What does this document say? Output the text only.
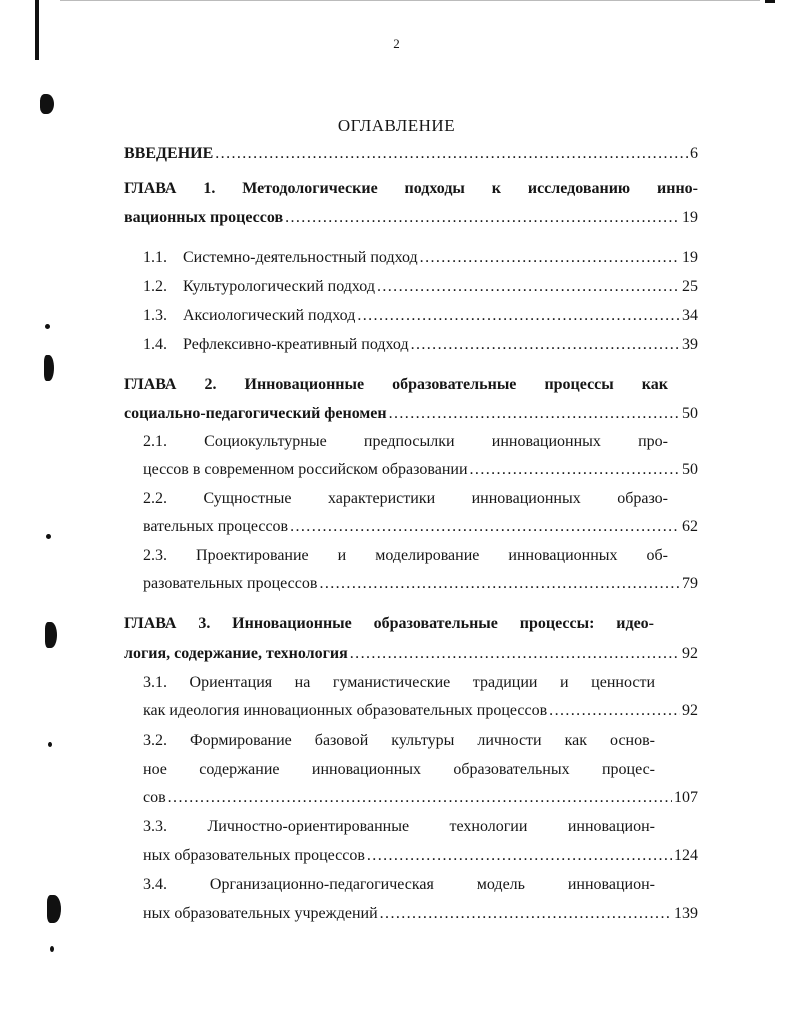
2
ОГЛАВЛЕНИЕ
ВВЕДЕНИЕ .....	6
ГЛАВА 1. Методологические подходы к исследованию инно-
вационных процессов .....	19
1.1. Системно-деятельностный подход .....	19
1.2. Культурологический подход .....	25
1.3. Аксиологический подход .....	34
1.4. Рефлексивно-креативный подход .....	39
ГЛАВА 2. Инновационные образовательные процессы как
социально-педагогический феномен .....	50
2.1. Социокультурные предпосылки инновационных про-
цессов в современном российском образовании .....	50
2.2. Сущностные характеристики инновационных образо-
вательных процессов .....	62
2.3. Проектирование и моделирование инновационных об-
разовательных процессов .....	79
ГЛАВА 3. Инновационные образовательные процессы: идео-
логия, содержание, технология .....	92
3.1. Ориентация на гуманистические традиции и ценности
как идеология инновационных образовательных процессов .....	92
3.2. Формирование базовой культуры личности как основ-
ное содержание инновационных образовательных процес-
сов .....	107
3.3. Личностно-ориентированные технологии инновацион-
ных образовательных процессов .....	124
3.4. Организационно-педагогическая модель инновацион-
ных образовательных учреждений .....	139
